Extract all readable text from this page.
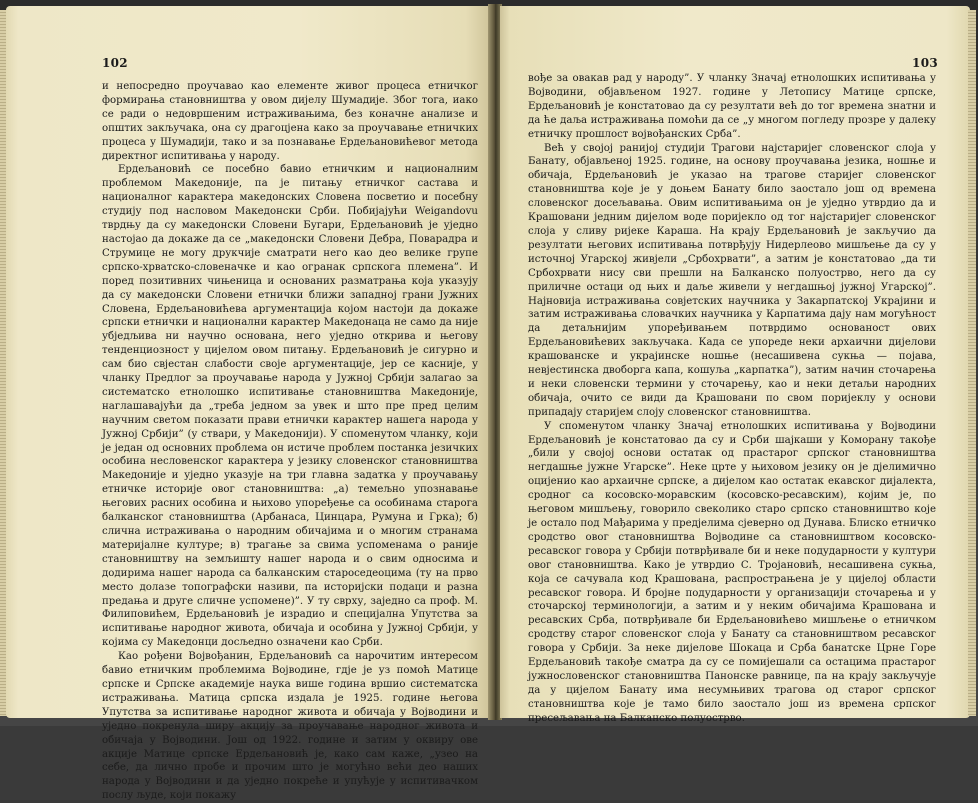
102

и непосредно проучавао као елементе живог процеса етничког формирања становништва у овом дијелу Шумадије. Због тога, иако се ради о недовршеним истраживањима, без коначне анализе и општих закључака, она су драгоцјена како за проучавање етничких процеса у Шумадији, тако и за познавање Ердељановићевог метода директног испитивања у народу.

Ердељановић се посебно бавио етничким и националним проблемом Македоније, па је питању етничког састава и националног карактера македонских Словена посветио и посебну студију под насловом Македонски Срби. Побијајући Weigandovu тврдњу да су македонски Словени Бугари, Ердељановић је уједно настојао да докаже да се „македонски Словени Дебра, Поварадра и Струмице не могу друкчије сматрати него као део велике групе српско-хрватско-словеначке и као огранак српскога племена”. И поред позитивних чињеница и основаних разматрања која указују да су македонски Словени етнички ближи западној грани Јужних Словена, Ердељановићева аргументација којом настоји да докаже српски етнички и национални карактер Македонаца не само да није убједљива ни научно основана, него уједно открива и његову тенденциозност у цијелом овом питању. Ердељановић је сигурно и сам био свјестан слабости своје аргументације, јер се касније, у чланку Предлог за проучавање народа у Јужној Србији залагао за систематско етнолошко испитивање становништва Македоније, наглашавајући да „треба једном за увек и што пре пред целим научним светом показати прави етнички карактер нашега народа у Јужној Србији” (у ствари, у Македонији). У споменутом чланку, који је један од основних проблема он истиче проблем постанка језичких особина несловенског карактера у језику словенског становништва Македоније и уједно указује на три главна задатка у проучавању етничке историје овог становништва: „а) темељно упознавање његових расних особина и њихово упоређење са особинама старога балканског становништва (Арбанаса, Цинцара, Румуна и Грка); б) слична истраживања о народним обичајима и о многим странама материјалне културе; в) трагање за свима успоменама о раније становништву на земљишту нашег народа и о свим односима и додирима нашег народа са балканским староседеоцима (ту на прво место долазе топографски називи, па историјски подаци и разна предања и друге сличне успомене)”. У ту сврху, заједно са проф. М. Филиповићем, Ердељановић је израдио и специјална Упутства за испитивање народног живота, обичаја и особина у Јужној Србији, у којима су Македонци досљедно означени као Срби.

Као рођени Војвођанин, Ердељановић са нарочитим интересом бавио етничким проблемима Војводине, гдје је уз помоћ Матице српске и Српске академије наука више година вршио систематска истраживања. Матица српска издала је 1925. године његова Упутства за испитивање народног живота и обичаја у Војводини и уједно покренула ширу акцију за проучавање народног живота и обичаја у Војводини. Још од 1922. године и затим у оквиру ове акције Матице српске Ердељановић је, како сам каже, „узео на себе, да лично пробе и прочим што је могућно већи део наших народа у Војводини и да уједно покреће и упућује у испитивачком послу људе, који покажу

103

вође за овакав рад у народу”. У чланку Значај етнолошких испитивања у Војводини, објављеном 1927. године у Летопису Матице српске, Ердељановић је констатовао да су резултати већ до тог времена знатни и да ће даља истраживања помоћи да се „у многом погледу прозре у далеку етничку прошлост војвођанских Срба”.

Већ у својој ранијој студији Трагови најстаријег словенског слоја у Банату, објављеној 1925. године, на основу проучавања језика, ношње и обичаја, Ердељановић је указао на трагове старијег словенског становништва које је у доњем Банату било заостало још од времена словенског досељавања. Овим испитивањима он је уједно утврдио да и Крашовани једним дијелом воде поријекло од тог најстаријег словенског слоја у сливу ријеке Караша. На крају Ердељановић је закључио да резултати његових испитивања потврђују Нидерлеово мишљење да су у источној Угарској живјели „Србохрвати”, а затим је констатовао „да ти Србохрвати нису сви прешли на Балканско полуострво, него да су приличне остаци од њих и даље живели у негдашњој јужној Угарској”. Најновија истраживања совјетских научника у Закарпатској Украјини и затим истраживања словачких научника у Карпатима дају нам могућност да детаљнијим упоређивањем потврдимо основаност ових Ердељановићевих закључака. Када се упореде неки архаични дијелови крашованске и украјинске ношње (несашивена сукња — појава, невјестинска двоборга капа, кошуља „карпатка”), затим начин сточарења и неки словенски термини у сточарењу, као и неки детаљи народних обичаја, очито се види да Крашовани по свом поријеклу у основи припадају старијем слоју словенског становништва.

У споменутом чланку Значај етнолошких испитивања у Војводини Ердељановић је констатовао да су и Срби шајкаши у Коморану такође „били у својој основи остатак од прастарог српског становништва негдашње јужне Угарске”. Неке црте у њиховом језику он је дјелимично оцијенио као архаичне српске, а дијелом као остатак екавског дијалекта, сродног са косовско-моравским (косовско-ресавским), којим је, по његовом мишљењу, говорило свеколико старо српско становништво које је остало под Мађарима у предјелима сјеверно од Дунава. Блиско етничко сродство овог становништва Војводине са становништвом косовско-ресавског говора у Србији потврђивале би и неке подударности у култури овог становништва. Како је утврдио С. Тројановић, несашивена сукња, која се сачувала код Крашована, распрострањена је у цијелој области ресавског говора. И бројне подударности у организацији сточарења и у сточарској терминологији, а затим и у неким обичајима Крашована и ресавских Срба, потврђивале би Ердељановићево мишљење о етничком сродству старог словенског слоја у Банату са становништвом ресавског говора у Србији. За неке дијелове Шокаца и Срба банатске Црне Горе Ердељановић такође сматра да су се помијешали са остацима прастарог јужнословенског становништва Панонске равнице, па на крају закључује да у цијелом Банату има несумњивих трагова од старог српског становништва које је тамо било заостало још из времена српског пресељавања на Балканско полуострво.
